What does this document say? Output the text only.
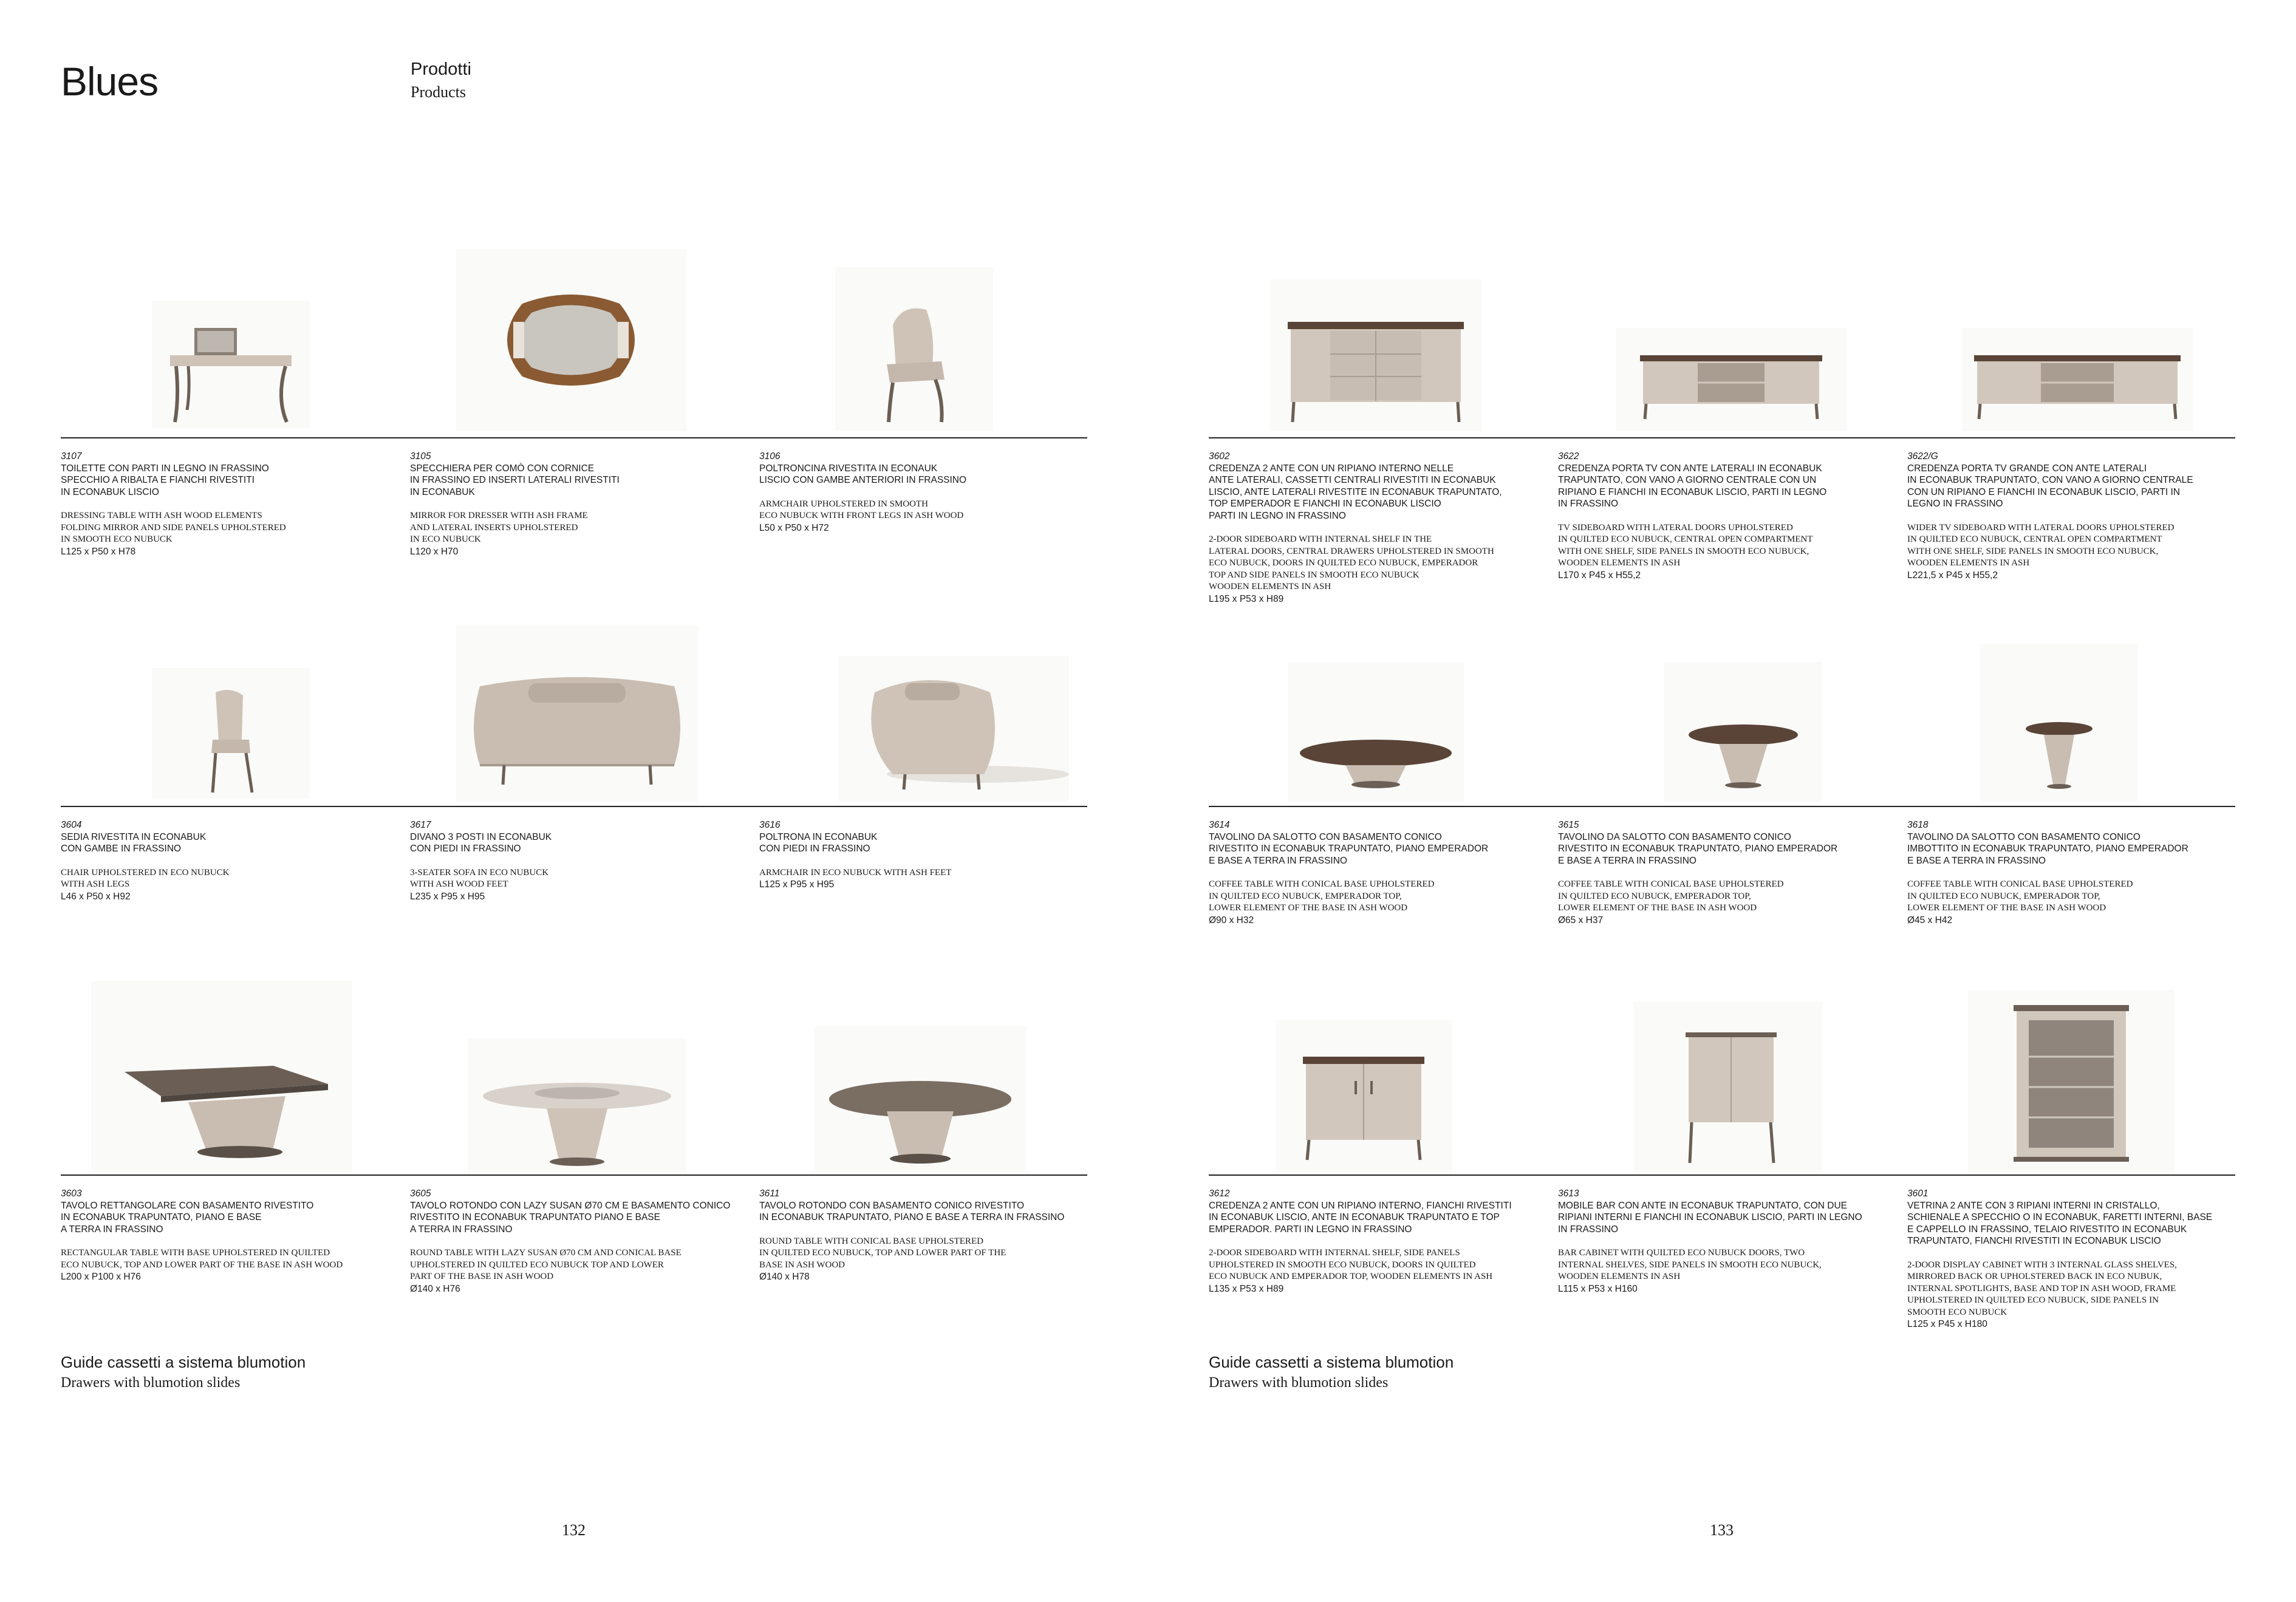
Blues	Prodotti
Products
3107
TOILETTE CON PARTI IN LEGNO IN FRASSINO
SPECCHIO A RIBALTA E FIANCHI RIVESTITI
IN ECONABUK LISCIO
DRESSING TABLE WITH ASH WOOD ELEMENTS
FOLDING MIRROR AND SIDE PANELS UPHOLSTERED
IN SMOOTH ECO NUBUCK
L125 x P50 x H78
3105
SPECCHIERA PER COMÒ CON CORNICE
IN FRASSINO ED INSERTI LATERALI RIVESTITI
IN ECONABUK
MIRROR FOR DRESSER WITH ASH FRAME
AND LATERAL INSERTS UPHOLSTERED
IN ECO NUBUCK
L120 x H70
3106
POLTRONCINA RIVESTITA IN ECONAUK
LISCIO CON GAMBE ANTERIORI IN FRASSINO
ARMCHAIR UPHOLSTERED IN SMOOTH
ECO NUBUCK WITH FRONT LEGS IN ASH WOOD
L50 x P50 x H72
3604
SEDIA RIVESTITA IN ECONABUK
CON GAMBE IN FRASSINO
CHAIR UPHOLSTERED IN ECO NUBUCK
WITH ASH LEGS
L46 x P50 x H92
3617
DIVANO 3 POSTI IN ECONABUK
CON PIEDI IN FRASSINO
3-SEATER SOFA IN ECO NUBUCK
WITH ASH WOOD FEET
L235 x P95 x H95
3616
POLTRONA IN ECONABUK
CON PIEDI IN FRASSINO
ARMCHAIR IN ECO NUBUCK WITH ASH FEET
L125 x P95 x H95
3603
TAVOLO RETTANGOLARE CON BASAMENTO RIVESTITO
IN ECONABUK TRAPUNTATO, PIANO E BASE
A TERRA IN FRASSINO
RECTANGULAR TABLE WITH BASE UPHOLSTERED IN QUILTED
ECO NUBUCK, TOP AND LOWER PART OF THE BASE IN ASH WOOD
L200 x P100 x H76
3605
TAVOLO ROTONDO CON LAZY SUSAN Ø70 CM E BASAMENTO CONICO
RIVESTITO IN ECONABUK TRAPUNTATO PIANO E BASE
A TERRA IN FRASSINO
ROUND TABLE WITH LAZY SUSAN Ø70 CM AND CONICAL BASE
UPHOLSTERED IN QUILTED ECO NUBUCK TOP AND LOWER
PART OF THE BASE IN ASH WOOD
Ø140 x H76
3611
TAVOLO ROTONDO CON BASAMENTO CONICO RIVESTITO
IN ECONABUK TRAPUNTATO, PIANO E BASE A TERRA IN FRASSINO
ROUND TABLE WITH CONICAL BASE UPHOLSTERED
IN QUILTED ECO NUBUCK, TOP AND LOWER PART OF THE
BASE IN ASH WOOD
Ø140 x H78
Guide cassetti a sistema blumotion
Drawers with blumotion slides
132
3602
CREDENZA 2 ANTE CON UN RIPIANO INTERNO NELLE
ANTE LATERALI, CASSETTI CENTRALI RIVESTITI IN ECONABUK
LISCIO, ANTE LATERALI RIVESTITE IN ECONABUK TRAPUNTATO,
TOP EMPERADOR E FIANCHI IN ECONABUK LISCIO
PARTI IN LEGNO IN FRASSINO
2-DOOR SIDEBOARD WITH INTERNAL SHELF IN THE
LATERAL DOORS, CENTRAL DRAWERS UPHOLSTERED IN SMOOTH
ECO NUBUCK, DOORS IN QUILTED ECO NUBUCK, EMPERADOR
TOP AND SIDE PANELS IN SMOOTH ECO NUBUCK
WOODEN ELEMENTS IN ASH
L195 x P53 x H89
3622
CREDENZA PORTA TV CON ANTE LATERALI IN ECONABUK
TRAPUNTATO, CON VANO A GIORNO CENTRALE CON UN
RIPIANO E FIANCHI IN ECONABUK LISCIO, PARTI IN LEGNO
IN FRASSINO
TV SIDEBOARD WITH LATERAL DOORS UPHOLSTERED
IN QUILTED ECO NUBUCK, CENTRAL OPEN COMPARTMENT
WITH ONE SHELF, SIDE PANELS IN SMOOTH ECO NUBUCK,
WOODEN ELEMENTS IN ASH
L170 x P45 x H55,2
3622/G
CREDENZA PORTA TV GRANDE CON ANTE LATERALI
IN ECONABUK TRAPUNTATO, CON VANO A GIORNO CENTRALE
CON UN RIPIANO E FIANCHI IN ECONABUK LISCIO, PARTI IN
LEGNO IN FRASSINO
WIDER TV SIDEBOARD WITH LATERAL DOORS UPHOLSTERED
IN QUILTED ECO NUBUCK, CENTRAL OPEN COMPARTMENT
WITH ONE SHELF, SIDE PANELS IN SMOOTH ECO NUBUCK,
WOODEN ELEMENTS IN ASH
L221,5 x P45 x H55,2
3614
TAVOLINO DA SALOTTO CON BASAMENTO CONICO
RIVESTITO IN ECONABUK TRAPUNTATO, PIANO EMPERADOR
E BASE A TERRA IN FRASSINO
COFFEE TABLE WITH CONICAL BASE UPHOLSTERED
IN QUILTED ECO NUBUCK, EMPERADOR TOP,
LOWER ELEMENT OF THE BASE IN ASH WOOD
Ø90 x H32
3615
TAVOLINO DA SALOTTO CON BASAMENTO CONICO
RIVESTITO IN ECONABUK TRAPUNTATO, PIANO EMPERADOR
E BASE A TERRA IN FRASSINO
COFFEE TABLE WITH CONICAL BASE UPHOLSTERED
IN QUILTED ECO NUBUCK, EMPERADOR TOP,
LOWER ELEMENT OF THE BASE IN ASH WOOD
Ø65 x H37
3618
TAVOLINO DA SALOTTO CON BASAMENTO CONICO
IMBOTTITO IN ECONABUK TRAPUNTATO, PIANO EMPERADOR
E BASE A TERRA IN FRASSINO
COFFEE TABLE WITH CONICAL BASE UPHOLSTERED
IN QUILTED ECO NUBUCK, EMPERADOR TOP,
LOWER ELEMENT OF THE BASE IN ASH WOOD
Ø45 x H42
3612
CREDENZA 2 ANTE CON UN RIPIANO INTERNO, FIANCHI RIVESTITI
IN ECONABUK LISCIO, ANTE IN ECONABUK TRAPUNTATO E TOP
EMPERADOR. PARTI IN LEGNO IN FRASSINO
2-DOOR SIDEBOARD WITH INTERNAL SHELF, SIDE PANELS
UPHOLSTERED IN SMOOTH ECO NUBUCK, DOORS IN QUILTED
ECO NUBUCK AND EMPERADOR TOP, WOODEN ELEMENTS IN ASH
L135 x P53 x H89
3613
MOBILE BAR CON ANTE IN ECONABUK TRAPUNTATO, CON DUE
RIPIANI INTERNI E FIANCHI IN ECONABUK LISCIO, PARTI IN LEGNO
IN FRASSINO
BAR CABINET WITH QUILTED ECO NUBUCK DOORS, TWO
INTERNAL SHELVES, SIDE PANELS IN SMOOTH ECO NUBUCK,
WOODEN ELEMENTS IN ASH
L115 x P53 x H160
3601
VETRINA 2 ANTE CON 3 RIPIANI INTERNI IN CRISTALLO,
SCHIENALE A SPECCHIO O IN ECONABUK, FARETTI INTERNI, BASE
E CAPPELLO IN FRASSINO, TELAIO RIVESTITO IN ECONABUK
TRAPUNTATO, FIANCHI RIVESTITI IN ECONABUK LISCIO
2-DOOR DISPLAY CABINET WITH 3 INTERNAL GLASS SHELVES,
MIRRORED BACK OR UPHOLSTERED BACK IN ECO NUBUK,
INTERNAL SPOTLIGHTS, BASE AND TOP IN ASH WOOD, FRAME
UPHOLSTERED IN QUILTED ECO NUBUCK, SIDE PANELS IN
SMOOTH ECO NUBUCK
L125 x P45 x H180
Guide cassetti a sistema blumotion
Drawers with blumotion slides
133
